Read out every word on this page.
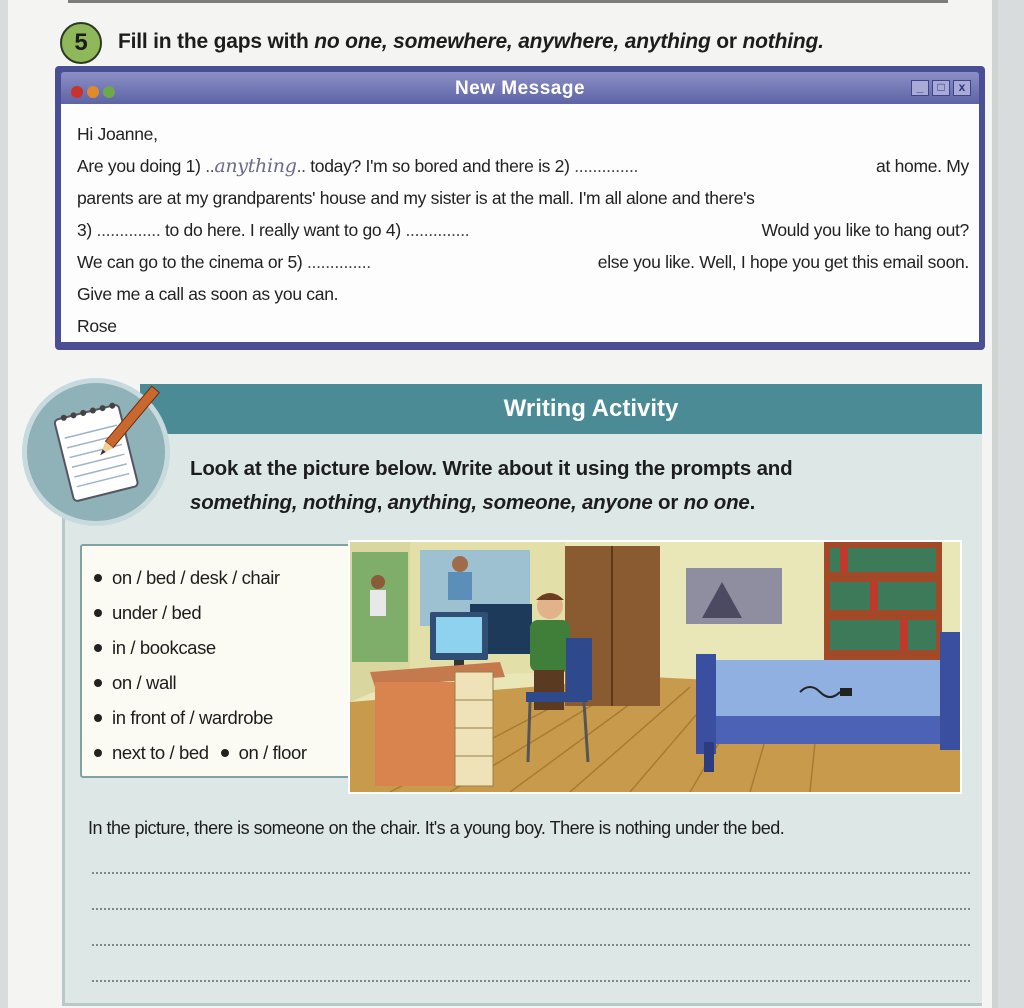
5	Fill in the gaps with no one, somewhere, anywhere, anything or nothing.
New Message	_	□	x
Hi Joanne,
Are you doing 1)
.. anything ..
today? I'm so bored and there is 2)
..............	at home. My
parents are at my grandparents' house and my sister is at the mall. I'm all alone and there's
3)
..............
to do here. I really want to go 4)
..............	Would you like to hang out?
We can go to the cinema or 5)
..............	else you like. Well, I hope you get this email soon.
Give me a call as soon as you can.
Rose
Writing Activity
Look at the picture below. Write about it using the prompts and
something, nothing, anything, someone, anyone or no one.
on / bed / desk / chair
under / bed
in / bookcase
on / wall
in front of / wardrobe
next to / bed on / floor
In the picture, there is someone on the chair. It's a young boy. There is nothing under the bed.
